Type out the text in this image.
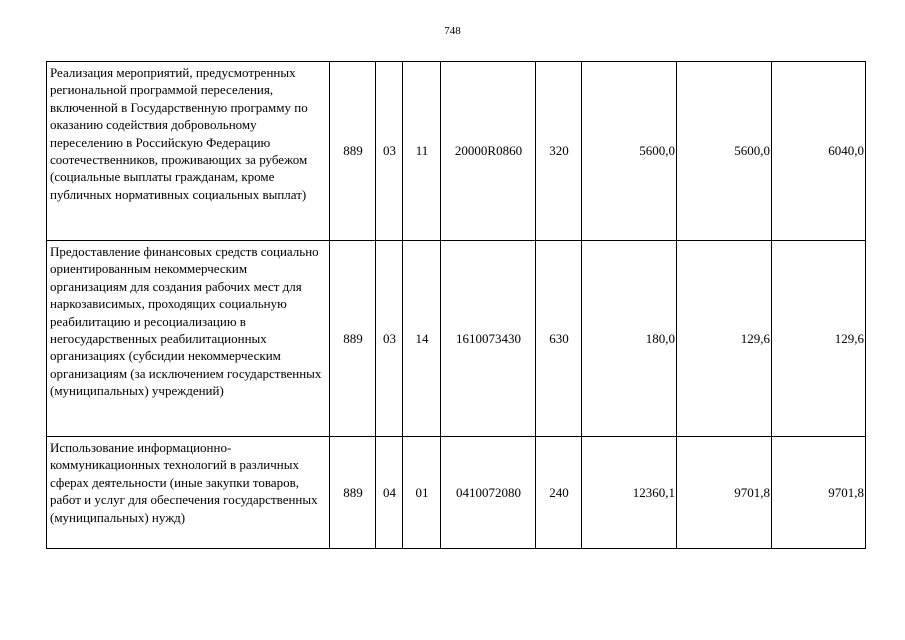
748
Реализация мероприятий, предусмотренных региональной программой переселения, включенной в Государственную программу по оказанию содействия добровольному переселению в Российскую Федерацию соотечественников, проживающих за рубежом (социальные выплаты гражданам, кроме публичных нормативных социальных выплат)	889	03	11	20000R0860	320	5600,0	5600,0	6040,0
Предоставление финансовых средств социально ориентированным некоммерческим организациям для создания рабочих мест для наркозависимых, проходящих социальную реабилитацию и ресоциализацию в негосударственных реабилитационных организациях (субсидии некоммерческим организациям (за исключением государственных (муниципальных) учреждений)	889	03	14	1610073430	630	180,0	129,6	129,6
Использование информационно-коммуникационных технологий в различных сферах деятельности (иные закупки товаров, работ и услуг для обеспечения государственных (муниципальных) нужд)	889	04	01	0410072080	240	12360,1	9701,8	9701,8
